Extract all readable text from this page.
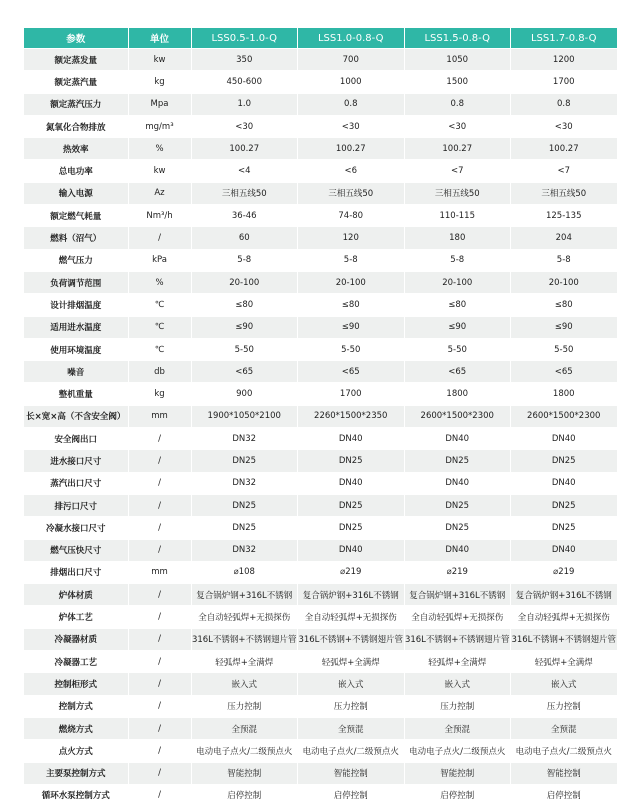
参数	单位	LSS0.5-1.0-Q	LSS1.0-0.8-Q	LSS1.5-0.8-Q	LSS1.7-0.8-Q
额定蒸发量	kw	350	700	1050	1200
额定蒸汽量	kg	450-600	1000	1500	1700
额定蒸汽压力	Mpa	1.0	0.8	0.8	0.8
氮氧化合物排放	mg/m³	<30	<30	<30	<30
热效率	%	100.27	100.27	100.27	100.27
总电功率	kw	<4	<6	<7	<7
输入电源	Az	三相五线50	三相五线50	三相五线50	三相五线50
额定燃气耗量	Nm³/h	36-46	74-80	110-115	125-135
燃料（沼气）	/	60	120	180	204
燃气压力	kPa	5-8	5-8	5-8	5-8
负荷调节范围	%	20-100	20-100	20-100	20-100
设计排烟温度	℃	≤80	≤80	≤80	≤80
适用进水温度	℃	≤90	≤90	≤90	≤90
使用环境温度	℃	5-50	5-50	5-50	5-50
噪音	db	<65	<65	<65	<65
整机重量	kg	900	1700	1800	1800
长×宽×高（不含安全阀）	mm	1900*1050*2100	2260*1500*2350	2600*1500*2300	2600*1500*2300
安全阀出口	/	DN32	DN40	DN40	DN40
进水接口尺寸	/	DN25	DN25	DN25	DN25
蒸汽出口尺寸	/	DN32	DN40	DN40	DN40
排污口尺寸	/	DN25	DN25	DN25	DN25
冷凝水接口尺寸	/	DN25	DN25	DN25	DN25
燃气压快尺寸	/	DN32	DN40	DN40	DN40
排烟出口尺寸	mm	⌀108	⌀219	⌀219	⌀219
炉体材质	/	复合锅炉钢+316L不锈钢	复合锅炉钢+316L不锈钢	复合锅炉钢+316L不锈钢	复合锅炉钢+316L不锈钢
炉体工艺	/	全自动轻弧焊+无损探伤	全自动轻弧焊+无损探伤	全自动轻弧焊+无损探伤	全自动轻弧焊+无损探伤
冷凝器材质	/	316L不锈钢+不锈钢翅片管	316L不锈钢+不锈钢翅片管	316L不锈钢+不锈钢翅片管	316L不锈钢+不锈钢翅片管
冷凝器工艺	/	轻弧焊+全满焊	轻弧焊+全满焊	轻弧焊+全满焊	轻弧焊+全满焊
控制柜形式	/	嵌入式	嵌入式	嵌入式	嵌入式
控制方式	/	压力控制	压力控制	压力控制	压力控制
燃烧方式	/	全预混	全预混	全预混	全预混
点火方式	/	电动电子点火/二级预点火	电动电子点火/二级预点火	电动电子点火/二级预点火	电动电子点火/二级预点火
主要泵控制方式	/	智能控制	智能控制	智能控制	智能控制
循环水泵控制方式	/	启停控制	启停控制	启停控制	启停控制
